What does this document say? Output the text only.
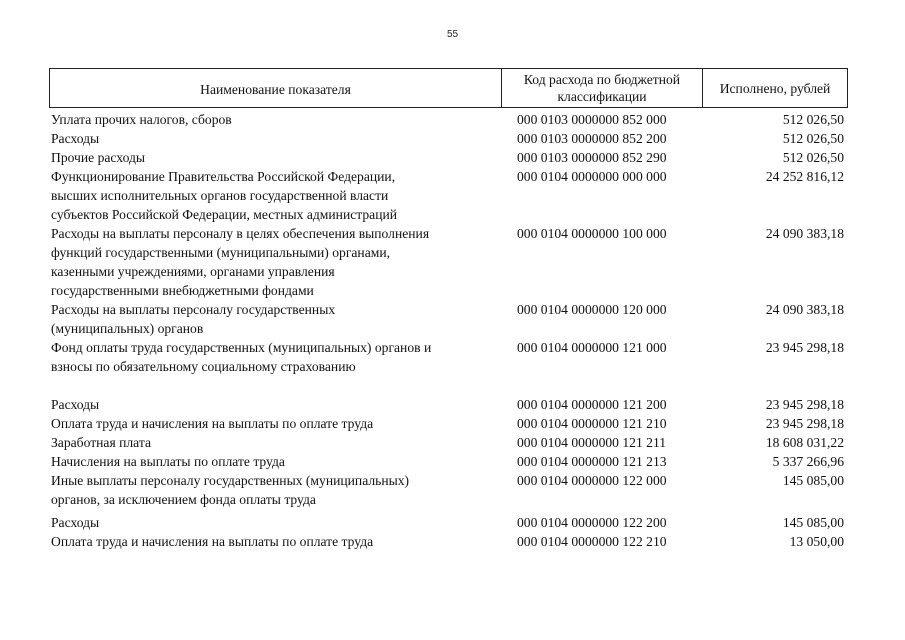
55
Наименование показателя
Код расхода по бюджетной классификации
Исполнено, рублей
Уплата прочих налогов, сборов	000 0103 0000000 852 000	512 026,50
Расходы	000 0103 0000000 852 200	512 026,50
Прочие расходы	000 0103 0000000 852 290	512 026,50
Функционирование Правительства Российской Федерации,
высших исполнительных органов государственной власти
субъектов Российской Федерации, местных администраций
000 0104 0000000 000 000	24 252 816,12
Расходы на выплаты персоналу в целях обеспечения выполнения
функций государственными (муниципальными) органами,
казенными учреждениями, органами управления
государственными внебюджетными фондами
000 0104 0000000 100 000	24 090 383,18
Расходы на выплаты персоналу государственных
(муниципальных) органов
000 0104 0000000 120 000	24 090 383,18
Фонд оплаты труда государственных (муниципальных) органов и
взносы по обязательному социальному страхованию
000 0104 0000000 121 000	23 945 298,18
Расходы	000 0104 0000000 121 200	23 945 298,18
Оплата труда и начисления на выплаты по оплате труда	000 0104 0000000 121 210	23 945 298,18
Заработная плата	000 0104 0000000 121 211	18 608 031,22
Начисления на выплаты по оплате труда	000 0104 0000000 121 213	5 337 266,96
Иные выплаты персоналу государственных (муниципальных)
органов, за исключением фонда оплаты труда
000 0104 0000000 122 000	145 085,00
Расходы	000 0104 0000000 122 200	145 085,00
Оплата труда и начисления на выплаты по оплате труда	000 0104 0000000 122 210	13 050,00
